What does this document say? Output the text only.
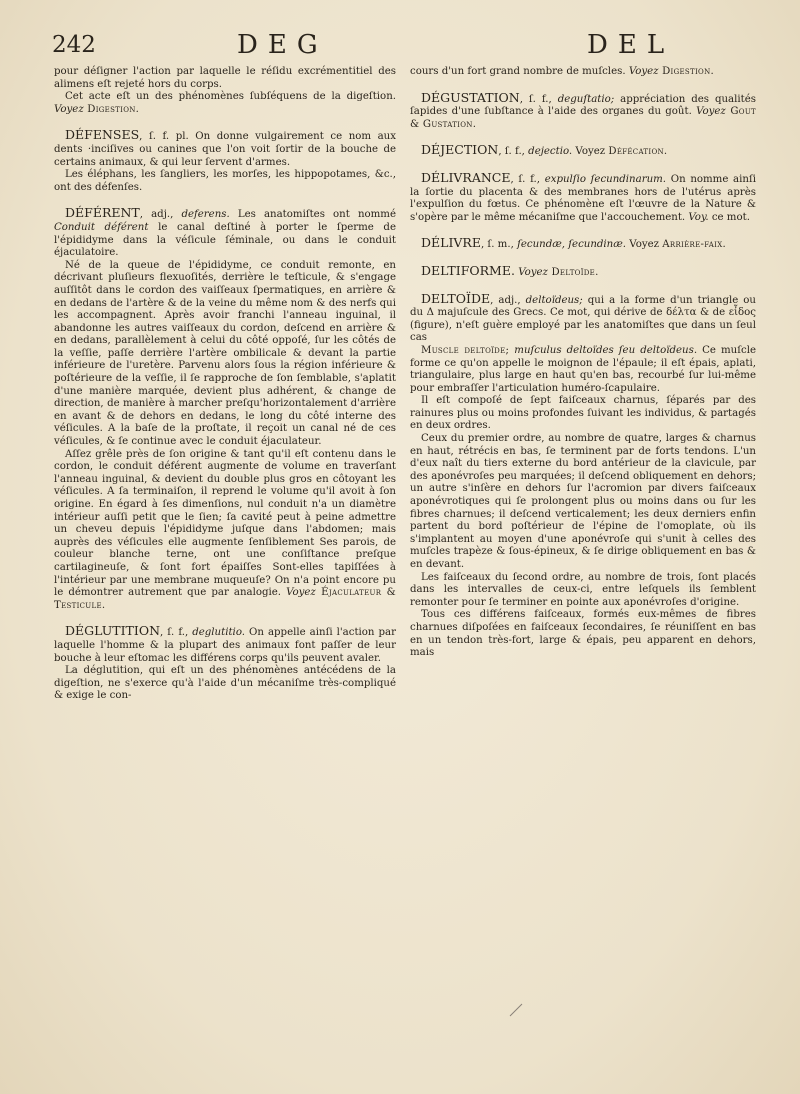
242	DEG	DEL

pour déſigner l'action par laquelle le réſidu excrémentitiel des alimens eſt rejeté hors du corps.

Cet acte eſt un des phénomènes ſubſéquens de la digeſtion. Voyez Digestion.

DÉFENSES, ſ. f. pl. On donne vulgairement ce nom aux dents ·inciſives ou canines que l'on voit ſortir de la bouche de certains animaux, & qui leur ſervent d'armes.

Les éléphans, les ſangliers, les morſes, les hippopotames, &c., ont des défenſes.

DÉFÉRENT, adj., deferens. Les anatomiſtes ont nommé Conduit déférent le canal deſtiné à porter le ſperme de l'épididyme dans la véſicule ſéminale, ou dans le conduit éjaculatoire.

Né de la queue de l'épididyme, ce conduit remonte, en décrivant pluſieurs flexuoſités, derrière le teſticule, & s'engage auſſitôt dans le cordon des vaiſſeaux ſpermatiques, en arrière & en dedans de l'artère & de la veine du même nom & des nerfs qui les accompagnent. Après avoir franchi l'anneau inguinal, il abandonne les autres vaiſſeaux du cordon, deſcend en arrière & en dedans, parallèlement à celui du côté oppoſé, ſur les côtés de la veſſie, paſſe derrière l'artère ombilicale & devant la partie inférieure de l'uretère. Parvenu alors ſous la région inférieure & poſtérieure de la veſſie, il ſe rapproche de ſon ſemblable, s'aplatit d'une manière marquée, devient plus adhérent, & change de direction, de manière à marcher preſqu'horizontalement d'arrière en avant & de dehors en dedans, le long du côté interne des véſicules. A la baſe de la proſtate, il reçoit un canal né de ces véſicules, & ſe continue avec le conduit éjaculateur.

Aſſez grêle près de ſon origine & tant qu'il eſt contenu dans le cordon, le conduit déférent augmente de volume en traverſant l'anneau inguinal, & devient du double plus gros en côtoyant les véſicules. A ſa terminaiſon, il reprend le volume qu'il avoit à ſon origine. En égard à ſes dimenſions, nul conduit n'a un diamètre intérieur auſſi petit que le ſien; ſa cavité peut à peine admettre un cheveu depuis l'épididyme juſque dans l'abdomen; mais auprès des véſicules elle augmente ſenſiblement Ses parois, de couleur blanche terne, ont une conſiſtance preſque cartilagineuſe, & ſont fort épaiſſes Sont-elles tapiſſées à l'intérieur par une membrane muqueuſe? On n'a point encore pu le démontrer autrement que par analogie. Voyez Éjaculateur & Testicule.

DÉGLUTITION, ſ. f., deglutitio. On appelle ainſi l'action par laquelle l'homme & la plupart des animaux font paſſer de leur bouche à leur eſtomac les différens corps qu'ils peuvent avaler.

La déglutition, qui eſt un des phénomènes antécédens de la digeſtion, ne s'exerce qu'à l'aide d'un mécaniſme très-compliqué & exige le con-

cours d'un fort grand nombre de muſcles. Voyez Digestion.

DÉGUSTATION, ſ. f., deguſtatio; appréciation des qualités ſapides d'une ſubſtance à l'aide des organes du goût. Voyez Gout & Gustation.

DÉJECTION, ſ. f., dejectio. Voyez Défécation.

DÉLIVRANCE, ſ. f., expulſio ſecundinarum. On nomme ainſi la ſortie du placenta & des membranes hors de l'utérus après l'expulſion du fœtus. Ce phénomène eſt l'œuvre de la Nature & s'opère par le même mécaniſme que l'accouchement. Voy. ce mot.

DÉLIVRE, ſ. m., ſecundæ, ſecundinæ. Voyez Arrière-faix.

DELTIFORME. Voyez Deltoïde.

DELTOÏDE, adj., deltoïdeus; qui a la forme d'un triangle ou du Δ majuſcule des Grecs. Ce mot, qui dérive de δέλτα & de εἶδος (figure), n'eſt guère employé par les anatomiſtes que dans un ſeul cas

Muscle deltoïde; muſculus deltoïdes ſeu deltoïdeus. Ce muſcle forme ce qu'on appelle le moignon de l'épaule; il eſt épais, aplati, triangulaire, plus large en haut qu'en bas, recourbé ſur lui-même pour embraſſer l'articulation huméro-ſcapulaire.

Il eſt compoſé de ſept faiſceaux charnus, ſéparés par des rainures plus ou moins profondes ſuivant les individus, & partagés en deux ordres.

Ceux du premier ordre, au nombre de quatre, larges & charnus en haut, rétrécis en bas, ſe terminent par de forts tendons. L'un d'eux naît du tiers externe du bord antérieur de la clavicule, par des aponévroſes peu marquées; il deſcend obliquement en dehors; un autre s'inſère en dehors ſur l'acromion par divers faiſceaux aponévrotiques qui ſe prolongent plus ou moins dans ou ſur les fibres charnues; il deſcend verticalement; les deux derniers enfin partent du bord poſtérieur de l'épine de l'omoplate, où ils s'implantent au moyen d'une aponévroſe qui s'unit à celles des muſcles trapèze & ſous-épineux, & ſe dirige obliquement en bas & en devant.

Les faiſceaux du ſecond ordre, au nombre de trois, ſont placés dans les intervalles de ceux-ci, entre leſquels ils ſemblent remonter pour ſe terminer en pointe aux aponévroſes d'origine.

Tous ces différens faiſceaux, formés eux-mêmes de fibres charnues diſpoſées en faiſceaux ſecondaires, ſe réuniſſent en bas en un tendon très-fort, large & épais, peu apparent en dehors, mais
